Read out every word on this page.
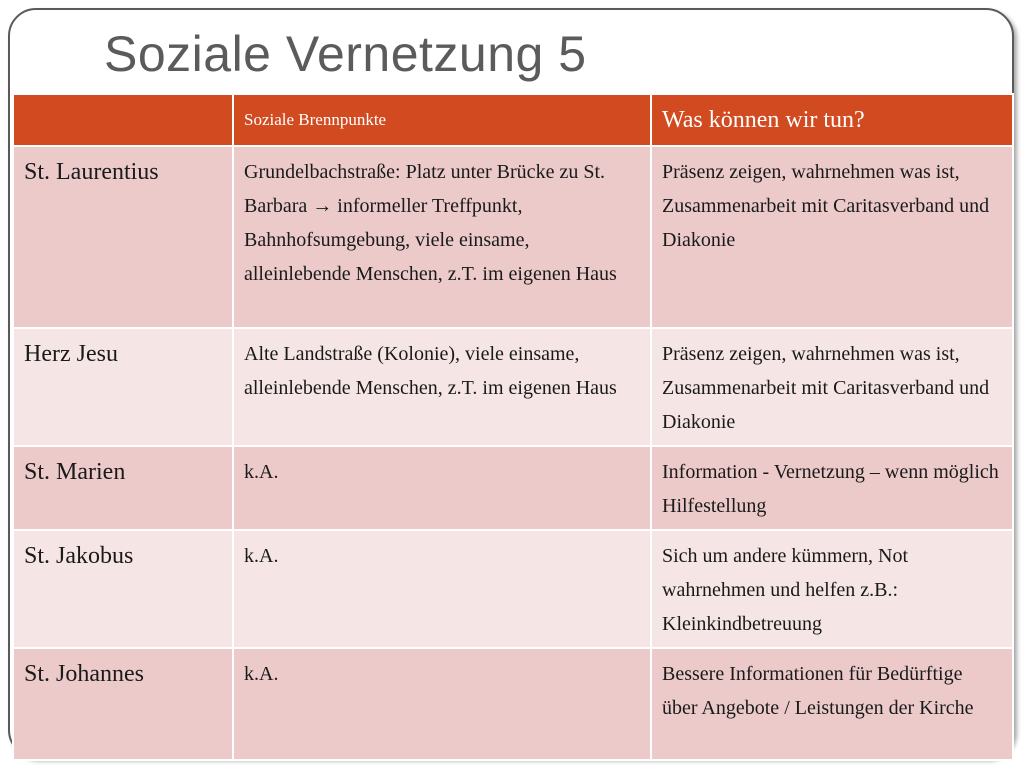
Soziale Vernetzung 5
	Soziale Brennpunkte	Was können wir tun?
St. Laurentius	Grundelbachstraße: Platz unter Brücke zu St. Barbara → informeller Treffpunkt, Bahnhofsumgebung, viele einsame, alleinlebende Menschen, z.T. im eigenen Haus	Präsenz zeigen, wahrnehmen was ist, Zusammenarbeit mit Caritasverband und Diakonie
Herz Jesu	Alte Landstraße (Kolonie), viele einsame, alleinlebende Menschen, z.T. im eigenen Haus	Präsenz zeigen, wahrnehmen was ist, Zusammenarbeit mit Caritasverband und Diakonie
St. Marien	k.A.	Information - Vernetzung – wenn möglich Hilfestellung
St. Jakobus	k.A.	Sich um andere kümmern, Not wahrnehmen und helfen z.B.: Kleinkindbetreuung
St. Johannes	k.A.	Bessere Informationen für Bedürftige über Angebote / Leistungen der Kirche
